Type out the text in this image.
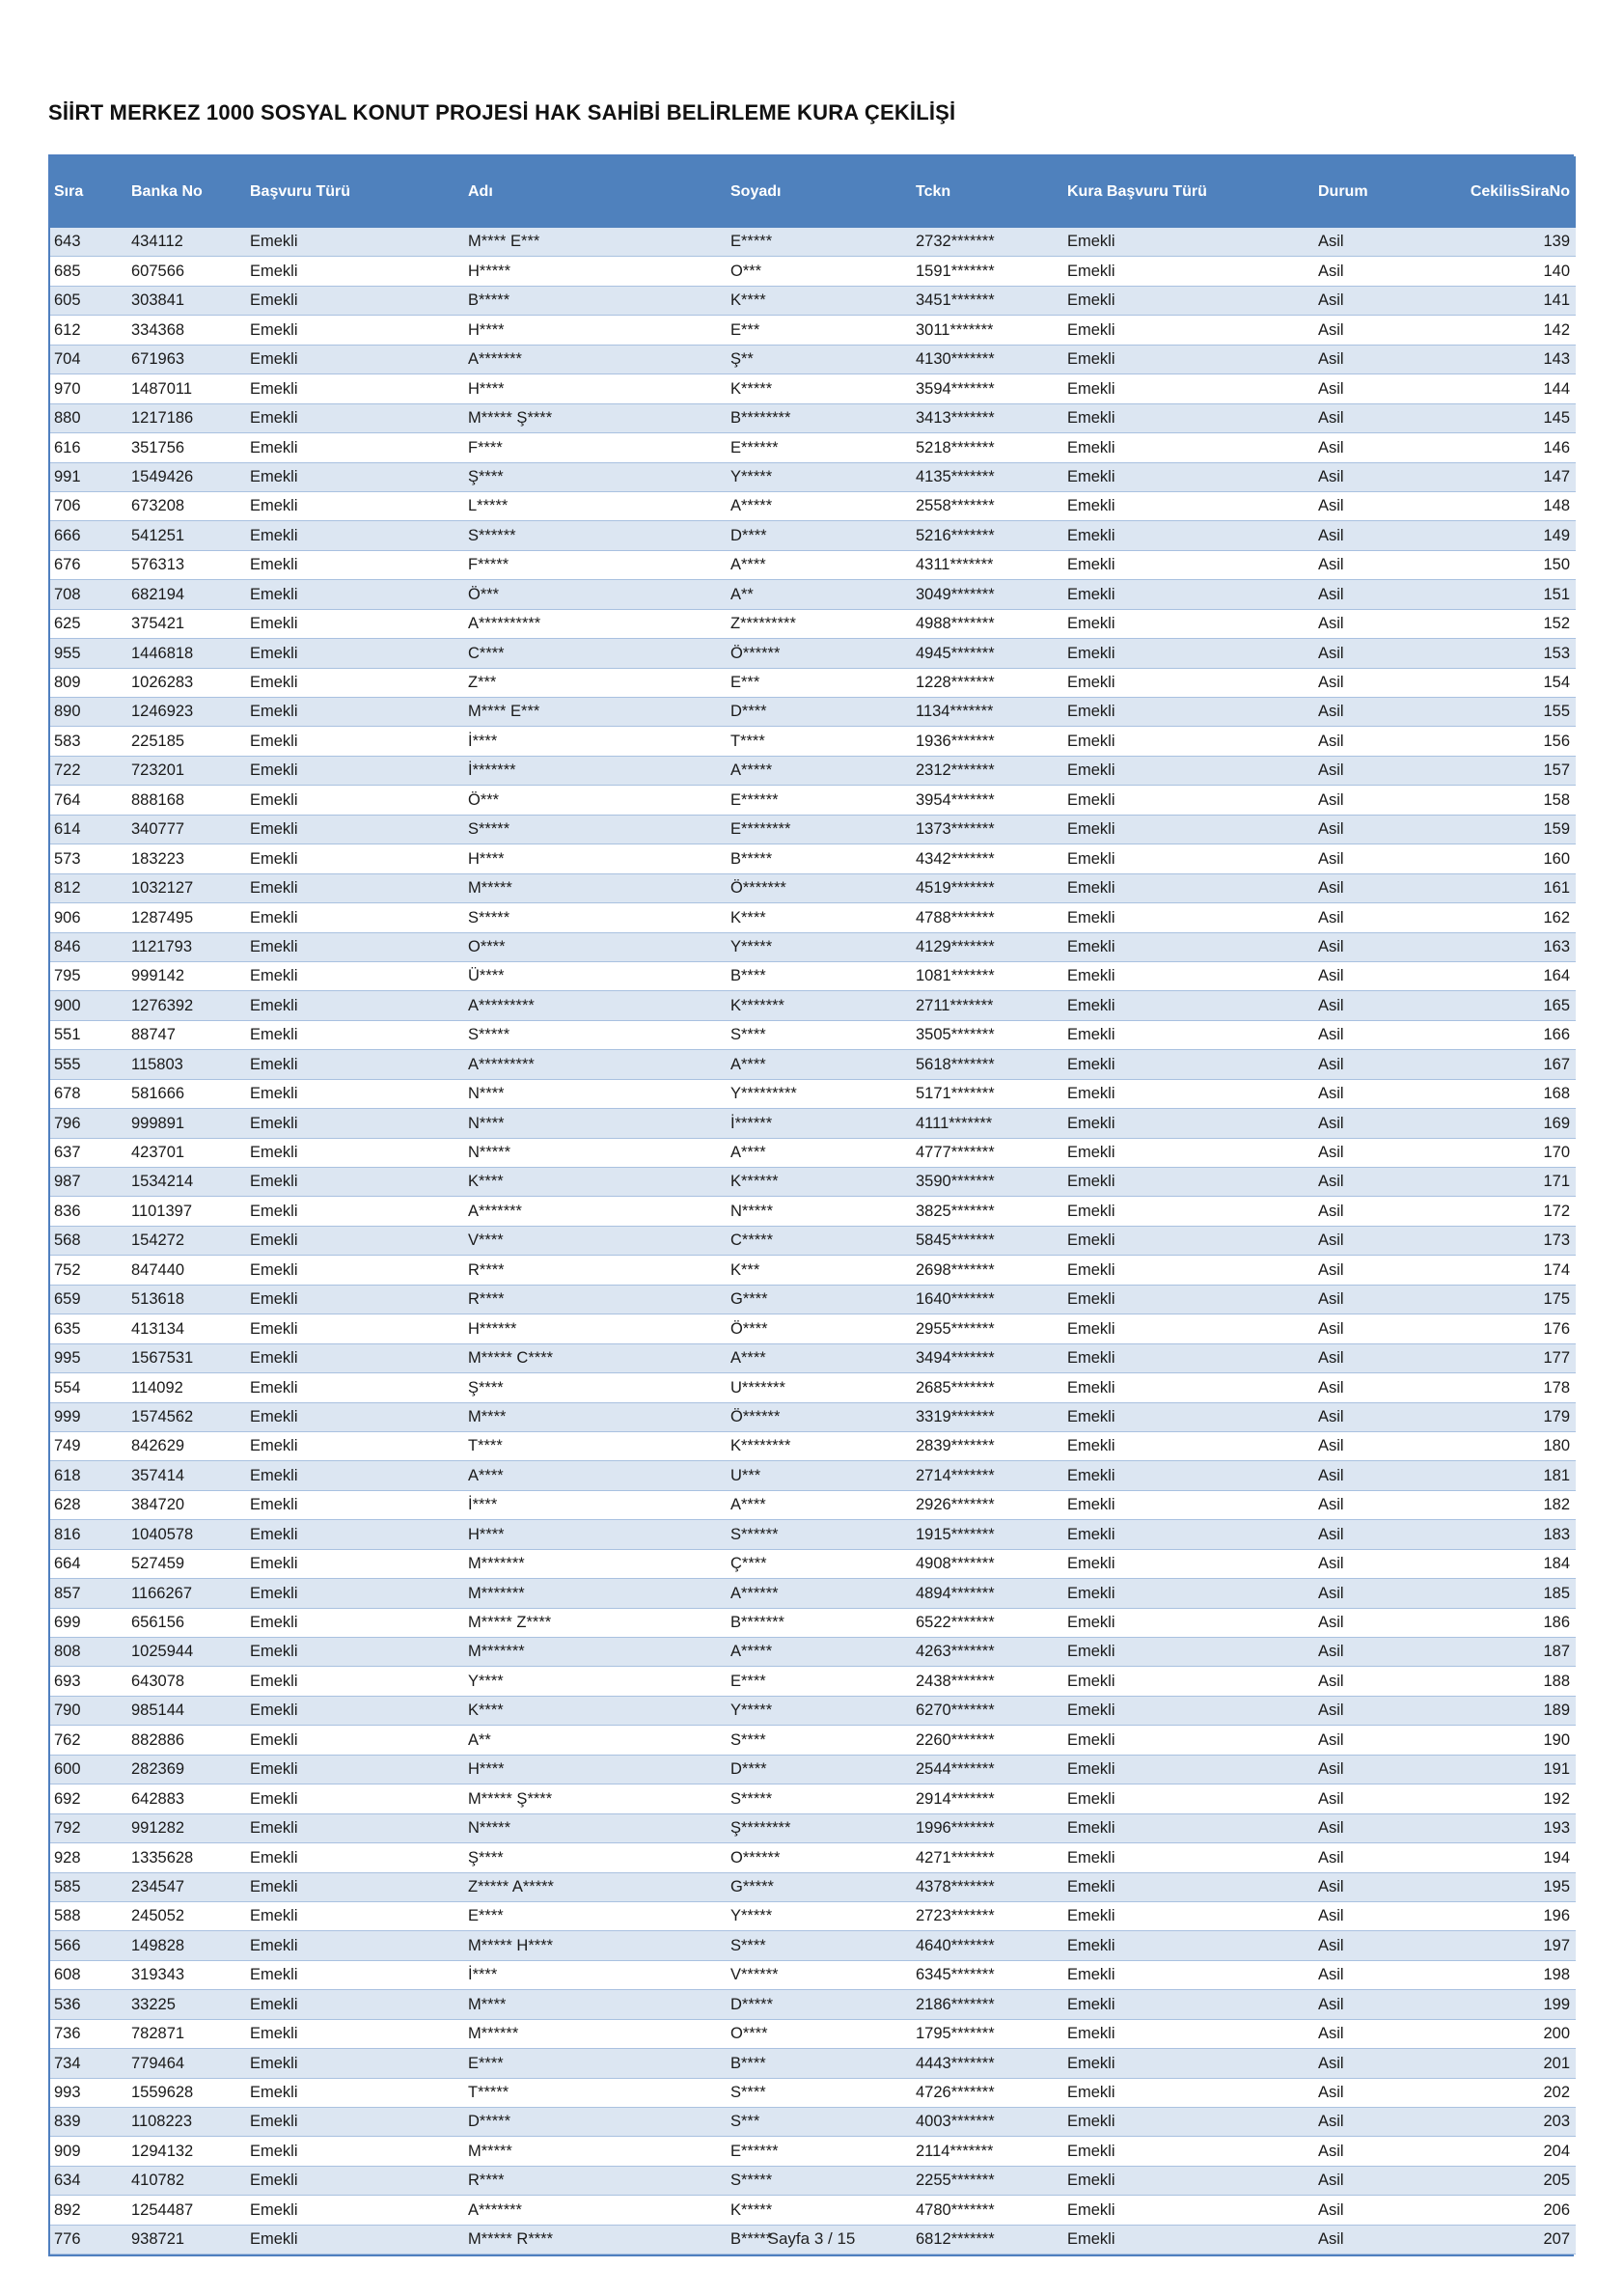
SİİRT MERKEZ 1000 SOSYAL KONUT PROJESİ HAK SAHİBİ BELİRLEME KURA ÇEKİLİŞİ
Sıra	Banka No	Başvuru Türü	Adı	Soyadı	Tckn	Kura Başvuru Türü	Durum	CekilisSiraNo
643	434112	Emekli	M**** E***	E*****	2732*******	Emekli	Asil	139
685	607566	Emekli	H*****	O***	1591*******	Emekli	Asil	140
605	303841	Emekli	B*****	K****	3451*******	Emekli	Asil	141
612	334368	Emekli	H****	E***	3011*******	Emekli	Asil	142
704	671963	Emekli	A*******	Ş**	4130*******	Emekli	Asil	143
970	1487011	Emekli	H****	K*****	3594*******	Emekli	Asil	144
880	1217186	Emekli	M***** Ş****	B********	3413*******	Emekli	Asil	145
616	351756	Emekli	F****	E******	5218*******	Emekli	Asil	146
991	1549426	Emekli	Ş****	Y*****	4135*******	Emekli	Asil	147
706	673208	Emekli	L*****	A*****	2558*******	Emekli	Asil	148
666	541251	Emekli	S******	D****	5216*******	Emekli	Asil	149
676	576313	Emekli	F*****	A****	4311*******	Emekli	Asil	150
708	682194	Emekli	Ö***	A**	3049*******	Emekli	Asil	151
625	375421	Emekli	A**********	Z*********	4988*******	Emekli	Asil	152
955	1446818	Emekli	C****	Ö******	4945*******	Emekli	Asil	153
809	1026283	Emekli	Z***	E***	1228*******	Emekli	Asil	154
890	1246923	Emekli	M**** E***	D****	1134*******	Emekli	Asil	155
583	225185	Emekli	İ****	T****	1936*******	Emekli	Asil	156
722	723201	Emekli	İ*******	A*****	2312*******	Emekli	Asil	157
764	888168	Emekli	Ö***	E******	3954*******	Emekli	Asil	158
614	340777	Emekli	S*****	E********	1373*******	Emekli	Asil	159
573	183223	Emekli	H****	B*****	4342*******	Emekli	Asil	160
812	1032127	Emekli	M*****	Ö*******	4519*******	Emekli	Asil	161
906	1287495	Emekli	S*****	K****	4788*******	Emekli	Asil	162
846	1121793	Emekli	O****	Y*****	4129*******	Emekli	Asil	163
795	999142	Emekli	Ü****	B****	1081*******	Emekli	Asil	164
900	1276392	Emekli	A*********	K*******	2711*******	Emekli	Asil	165
551	88747	Emekli	S*****	S****	3505*******	Emekli	Asil	166
555	115803	Emekli	A*********	A****	5618*******	Emekli	Asil	167
678	581666	Emekli	N****	Y*********	5171*******	Emekli	Asil	168
796	999891	Emekli	N****	İ******	4111*******	Emekli	Asil	169
637	423701	Emekli	N*****	A****	4777*******	Emekli	Asil	170
987	1534214	Emekli	K****	K******	3590*******	Emekli	Asil	171
836	1101397	Emekli	A*******	N*****	3825*******	Emekli	Asil	172
568	154272	Emekli	V****	C*****	5845*******	Emekli	Asil	173
752	847440	Emekli	R****	K***	2698*******	Emekli	Asil	174
659	513618	Emekli	R****	G****	1640*******	Emekli	Asil	175
635	413134	Emekli	H******	Ö****	2955*******	Emekli	Asil	176
995	1567531	Emekli	M***** C****	A****	3494*******	Emekli	Asil	177
554	114092	Emekli	Ş****	U*******	2685*******	Emekli	Asil	178
999	1574562	Emekli	M****	Ö******	3319*******	Emekli	Asil	179
749	842629	Emekli	T****	K********	2839*******	Emekli	Asil	180
618	357414	Emekli	A****	U***	2714*******	Emekli	Asil	181
628	384720	Emekli	İ****	A****	2926*******	Emekli	Asil	182
816	1040578	Emekli	H****	S******	1915*******	Emekli	Asil	183
664	527459	Emekli	M*******	Ç****	4908*******	Emekli	Asil	184
857	1166267	Emekli	M*******	A******	4894*******	Emekli	Asil	185
699	656156	Emekli	M***** Z****	B*******	6522*******	Emekli	Asil	186
808	1025944	Emekli	M*******	A*****	4263*******	Emekli	Asil	187
693	643078	Emekli	Y****	E****	2438*******	Emekli	Asil	188
790	985144	Emekli	K****	Y*****	6270*******	Emekli	Asil	189
762	882886	Emekli	A**	S****	2260*******	Emekli	Asil	190
600	282369	Emekli	H****	D****	2544*******	Emekli	Asil	191
692	642883	Emekli	M***** Ş****	S*****	2914*******	Emekli	Asil	192
792	991282	Emekli	N*****	Ş********	1996*******	Emekli	Asil	193
928	1335628	Emekli	Ş****	O******	4271*******	Emekli	Asil	194
585	234547	Emekli	Z***** A*****	G*****	4378*******	Emekli	Asil	195
588	245052	Emekli	E****	Y*****	2723*******	Emekli	Asil	196
566	149828	Emekli	M***** H****	S****	4640*******	Emekli	Asil	197
608	319343	Emekli	İ****	V******	6345*******	Emekli	Asil	198
536	33225	Emekli	M****	D*****	2186*******	Emekli	Asil	199
736	782871	Emekli	M******	O****	1795*******	Emekli	Asil	200
734	779464	Emekli	E****	B****	4443*******	Emekli	Asil	201
993	1559628	Emekli	T*****	S****	4726*******	Emekli	Asil	202
839	1108223	Emekli	D*****	S***	4003*******	Emekli	Asil	203
909	1294132	Emekli	M*****	E******	2114*******	Emekli	Asil	204
634	410782	Emekli	R****	S*****	2255*******	Emekli	Asil	205
892	1254487	Emekli	A*******	K*****	4780*******	Emekli	Asil	206
776	938721	Emekli	M***** R****	B*****	6812*******	Emekli	Asil	207
Sayfa 3 / 15
